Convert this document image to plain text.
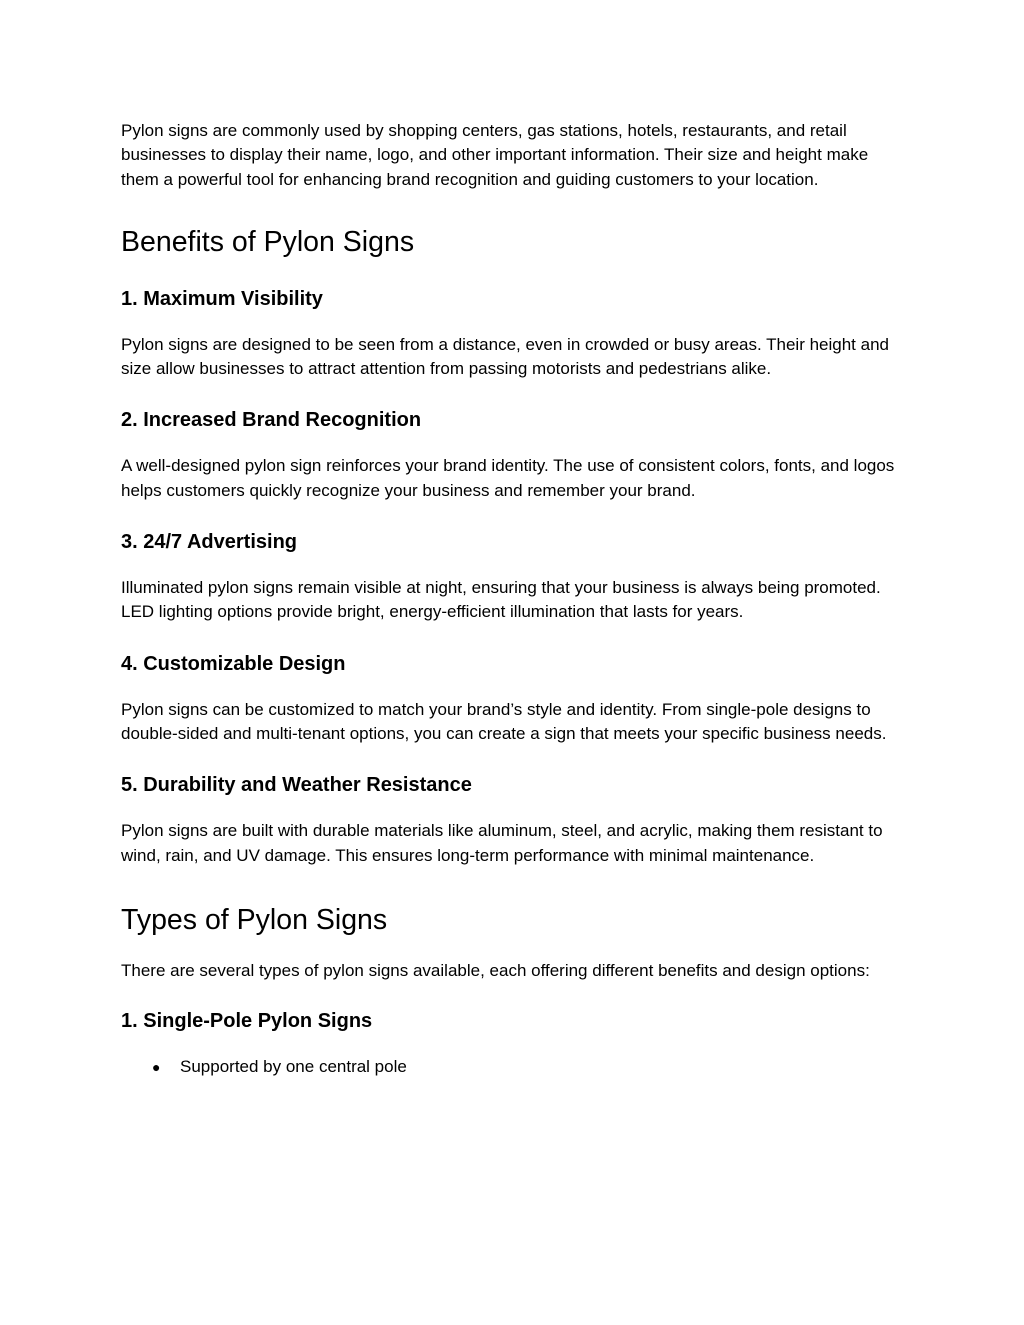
Pylon signs are commonly used by shopping centers, gas stations, hotels, restaurants, and retail businesses to display their name, logo, and other important information. Their size and height make them a powerful tool for enhancing brand recognition and guiding customers to your location.

Benefits of Pylon Signs
1. Maximum Visibility

Pylon signs are designed to be seen from a distance, even in crowded or busy areas. Their height and size allow businesses to attract attention from passing motorists and pedestrians alike.

2. Increased Brand Recognition

A well-designed pylon sign reinforces your brand identity. The use of consistent colors, fonts, and logos helps customers quickly recognize your business and remember your brand.

3. 24/7 Advertising

Illuminated pylon signs remain visible at night, ensuring that your business is always being promoted. LED lighting options provide bright, energy-efficient illumination that lasts for years.

4. Customizable Design

Pylon signs can be customized to match your brand’s style and identity. From single-pole designs to double-sided and multi-tenant options, you can create a sign that meets your specific business needs.

5. Durability and Weather Resistance

Pylon signs are built with durable materials like aluminum, steel, and acrylic, making them resistant to wind, rain, and UV damage. This ensures long-term performance with minimal maintenance.

Types of Pylon Signs

There are several types of pylon signs available, each offering different benefits and design options:

1. Single-Pole Pylon Signs
● Supported by one central pole
